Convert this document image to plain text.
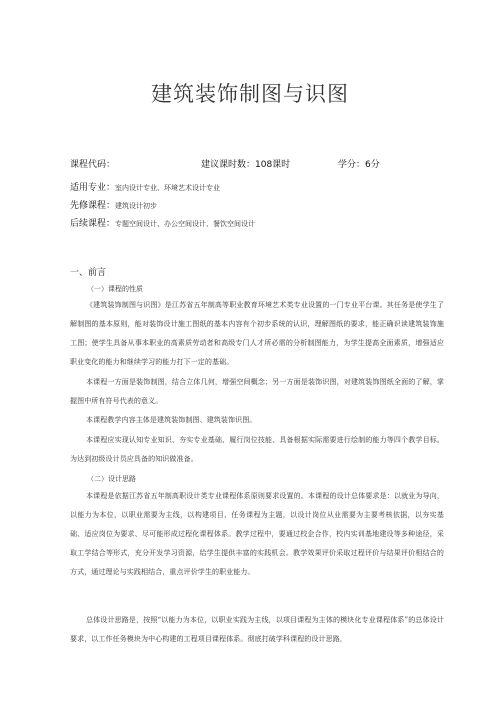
建筑装饰制图与识图
课程代码：	建议课时数：108课时	学分：6分
适用专业：室内设计专业、环境艺术设计专业
先修课程：建筑设计初步
后续课程：专题空间设计、办公空间设计、餐饮空间设计
一、前言
（一）课程的性质
《建筑装饰制图与识图》是江苏省五年制高等职业教育环境艺术类专业设置的一门专业平台课。其任务是使学生了解制图的基本原则，能对装饰设计施工图纸的基本内容有个初步系统的认识，理解图纸的要求，能正确识读建筑装饰施工图；使学生具备从事本职业的高素质劳动者和高级专门人才所必需的分析制图能力，为学生提高全面素质，增强适应职业变化的能力和继续学习的能力打下一定的基础。
本课程一方面是装饰制图，结合立体几何，增强空间概念；另一方面是装饰识图，对建筑装饰图纸全面的了解，掌握图中所有符号代表的意义。
本课程教学内容主体是建筑装饰制图、建筑装饰识图。
本课程应实现认知专业知识、夯实专业基础、履行岗位技能、具备根据实际需要进行绘制的能力等四个教学目标。为达到初级设计员应具备的知识做准备。
（二）设计思路
本课程是依据江苏省五年制高职设计类专业课程体系原则要求设置的。本课程的设计总体要求是：以就业为导向，以能力为本位，以职业需要为主线，以构建项目、任务课程为主题，以设计岗位从业需要为主要考核依据，以夯实基础、适应岗位为要求、尽可能形成过程化课程体系。教学过程中，要通过校企合作，校内实训基地建设等多种途径，采取工学结合等形式，充分开发学习资源，给学生提供丰富的实践机会。教学效果评价采取过程评价与结果评价相结合的方式，通过理论与实践相结合，重点评价学生的职业能力。
总体设计思路是，按照“以能力为本位，以职业实践为主线，以项目课程为主体的模块化专业课程体系”的总体设计要求，以工作任务模块为中心构建的工程项目课程体系。彻底打破学科课程的设计思路，
